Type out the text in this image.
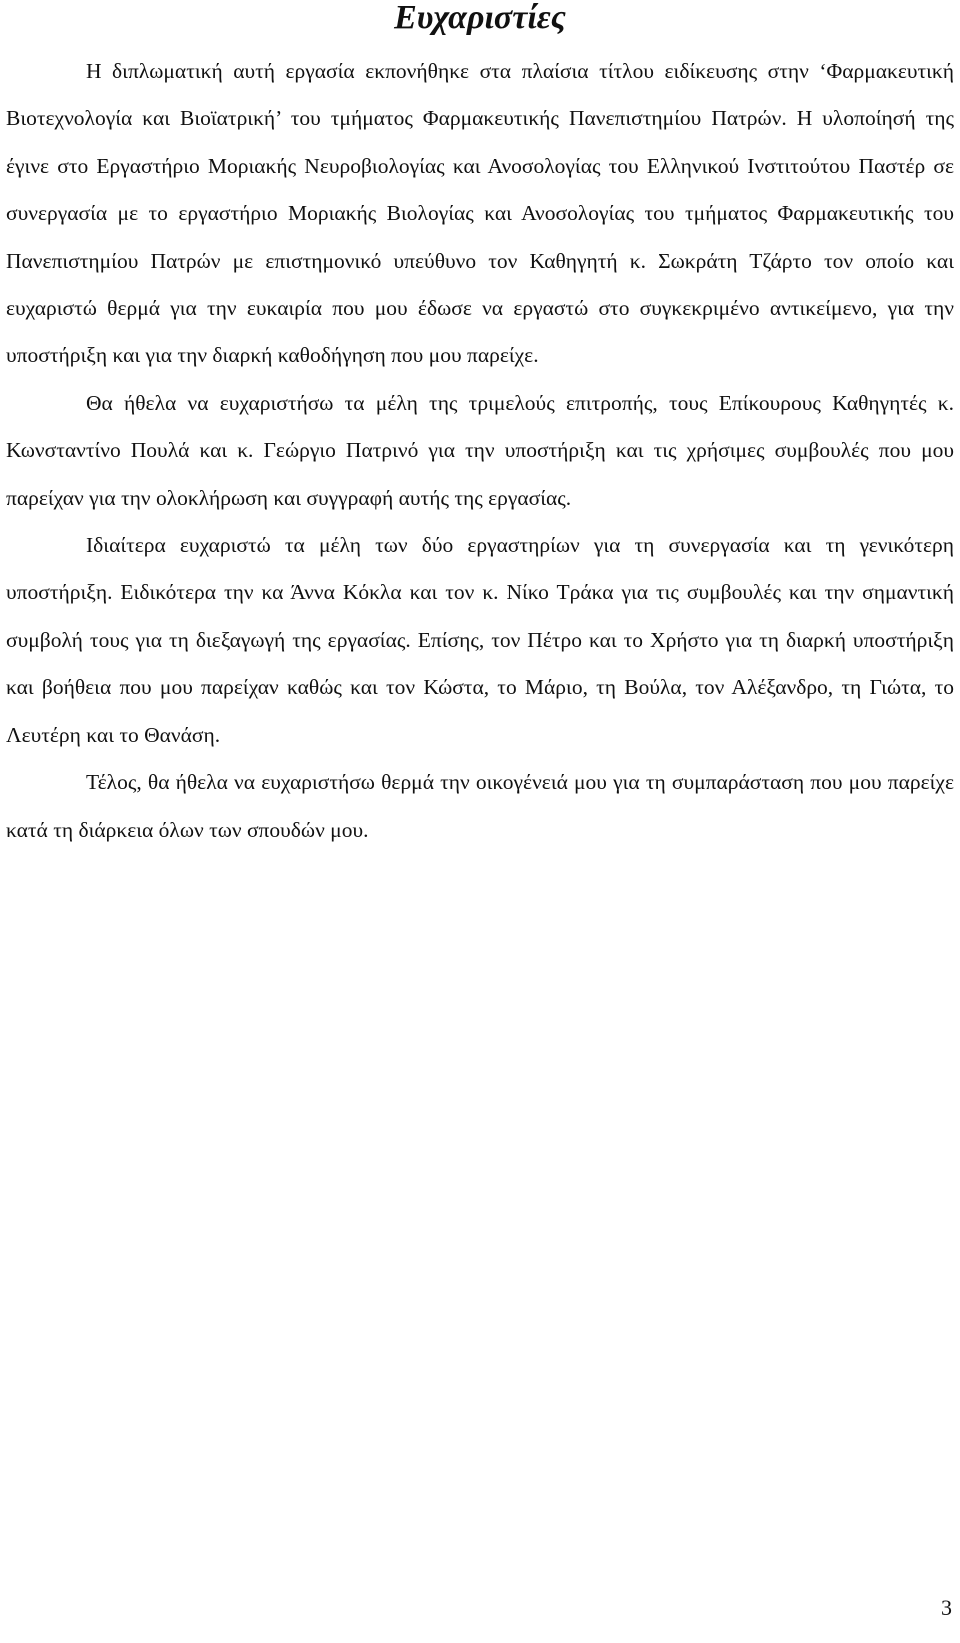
Ευχαριστίες

Η διπλωματική αυτή εργασία εκπονήθηκε στα πλαίσια τίτλου ειδίκευσης στην ‘Φαρμακευτική Βιοτεχνολογία και Βιοϊατρική’ του τμήματος Φαρμακευτικής Πανεπιστημίου Πατρών. Η υλοποίησή της έγινε στο Εργαστήριο Μοριακής Νευροβιολογίας και Ανοσολογίας του Ελληνικού Ινστιτούτου Παστέρ σε συνεργασία με το εργαστήριο Μοριακής Βιολογίας και Ανοσολογίας του τμήματος Φαρμακευτικής του Πανεπιστημίου Πατρών με επιστημονικό υπεύθυνο τον Καθηγητή κ. Σωκράτη Τζάρτο τον οποίο και ευχαριστώ θερμά για την ευκαιρία που μου έδωσε να εργαστώ στο συγκεκριμένο αντικείμενο, για την υποστήριξη και για την διαρκή καθοδήγηση που μου παρείχε.

Θα ήθελα να ευχαριστήσω τα μέλη της τριμελούς επιτροπής, τους Επίκουρους Καθηγητές κ. Κωνσταντίνο Πουλά και κ. Γεώργιο Πατρινό για την υποστήριξη και τις χρήσιμες συμβουλές που μου παρείχαν για την ολοκλήρωση και συγγραφή αυτής της εργασίας.

Ιδιαίτερα ευχαριστώ τα μέλη των δύο εργαστηρίων για τη συνεργασία και τη γενικότερη υποστήριξη. Ειδικότερα την κα Άννα Κόκλα και τον κ. Νίκο Τράκα για τις συμβουλές και την σημαντική συμβολή τους για τη διεξαγωγή της εργασίας. Επίσης, τον Πέτρο και το Χρήστο για τη διαρκή υποστήριξη και βοήθεια που μου παρείχαν καθώς και τον Κώστα, το Μάριο, τη Βούλα, τον Αλέξανδρο, τη Γιώτα, το Λευτέρη και το Θανάση.

Τέλος, θα ήθελα να ευχαριστήσω θερμά την οικογένειά μου για τη συμπαράσταση που μου παρείχε κατά τη διάρκεια όλων των σπουδών μου.

3
